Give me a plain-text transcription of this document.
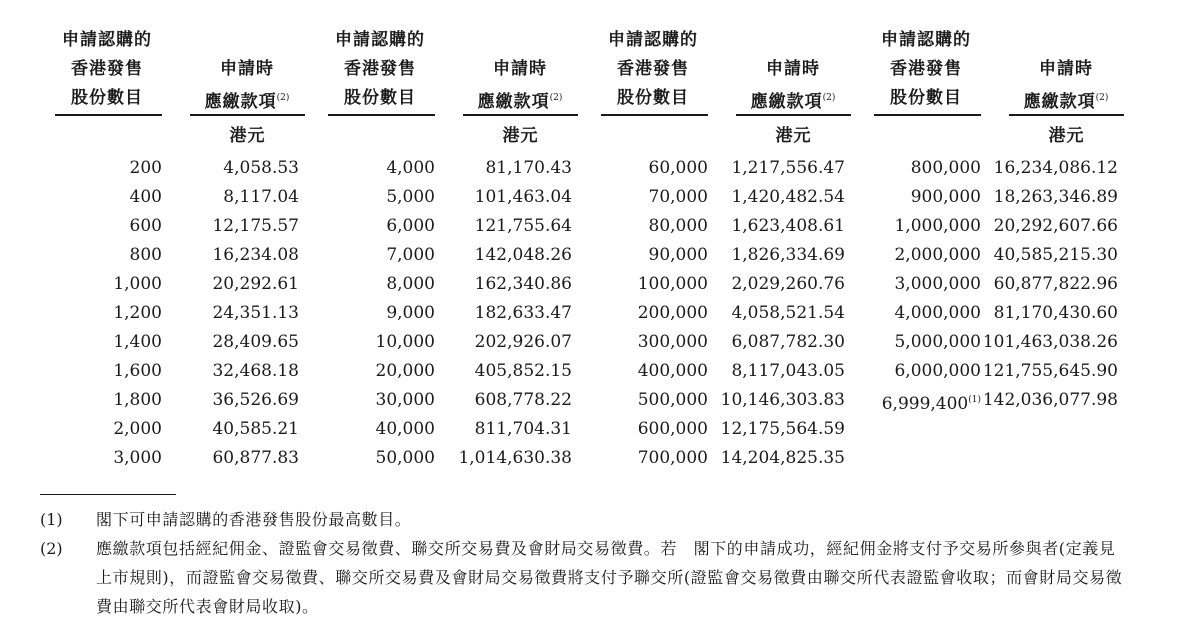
申請認購的
香港發售
股份數目
申請時
應繳款項$^{(2)}$
港元
200	4,058.53
400	8,117.04
600	12,175.57
800	16,234.08
1,000	20,292.61
1,200	24,351.13
1,400	28,409.65
1,600	32,468.18
1,800	36,526.69
2,000	40,585.21
3,000	60,877.83
申請認購的
香港發售
股份數目
申請時
應繳款項$^{(2)}$
港元
4,000	81,170.43
5,000 101,463.04
6,000 121,755.64
7,000 142,048.26
8,000 162,340.86
9,000 182,633.47
10,000 202,926.07
20,000 405,852.15
30,000 608,778.22
40,000 811,704.31
50,000 1,014,630.38
申請認購的
香港發售
股份數目
申請時
應繳款項$^{(2)}$
港元
60,000 1,217,556.47
70,000 1,420,482.54
80,000 1,623,408.61
90,000 1,826,334.69
100,000 2,029,260.76
200,000 4,058,521.54
300,000 6,087,782.30
400,000 8,117,043.05
500,000 10,146,303.83
600,000 12,175,564.59
700,000 14,204,825.35
申請認購的
香港發售
股份數目
申請時
應繳款項$^{(2)}$
港元
800,000 16,234,086.12
900,000 18,263,346.89
1,000,000 20,292,607.66
2,000,000 40,585,215.30
3,000,000 60,877,822.96
4,000,000 81,170,430.60
5,000,000 101,463,038.26
6,000,000 121,755,645.90
6,999,400$^{(1)}$ 142,036,077.98
(1) 閣下可申請認購的香港發售股份最高數目。
(2) 應繳款項包括經紀佣金、證監會交易徵費、聯交所交易費及會財局交易徵費。若　閣下的申請成功，經紀佣金將支付予交易所參與者(定義見上市規則)，而證監會交易徵費、聯交所交易費及會財局交易徵費將支付予聯交所(證監會交易徵費由聯交所代表證監會收取；而會財局交易徵費由聯交所代表會財局收取)。
